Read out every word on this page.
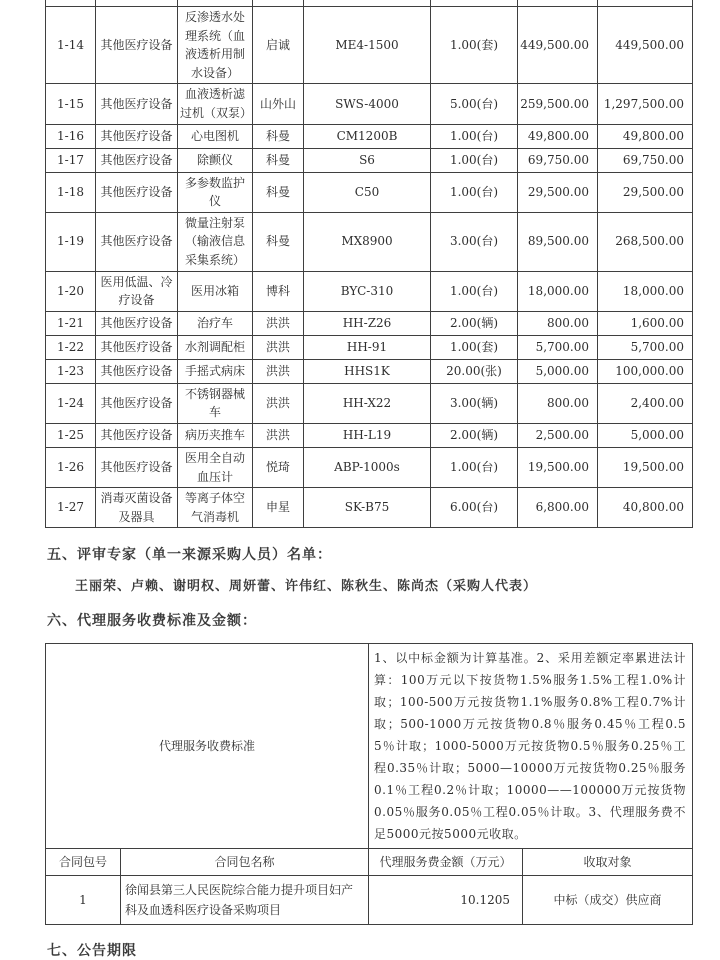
1-14	其他医疗设备	反渗透水处理系统（血液透析用制水设备）	启诚	ME4-1500	1.00(套)	449,500.00	449,500.00
1-15	其他医疗设备	血液透析滤过机（双泵）	山外山	SWS-4000	5.00(台)	259,500.00	1,297,500.00
1-16	其他医疗设备	心电图机	科曼	CM1200B	1.00(台)	49,800.00	49,800.00
1-17	其他医疗设备	除颤仪	科曼	S6	1.00(台)	69,750.00	69,750.00
1-18	其他医疗设备	多参数监护仪	科曼	C50	1.00(台)	29,500.00	29,500.00
1-19	其他医疗设备	微量注射泵（输液信息采集系统）	科曼	MX8900	3.00(台)	89,500.00	268,500.00
1-20	医用低温、冷疗设备	医用冰箱	博科	BYC-310	1.00(台)	18,000.00	18,000.00
1-21	其他医疗设备	治疗车	洪洪	HH-Z26	2.00(辆)	800.00	1,600.00
1-22	其他医疗设备	水剂调配柜	洪洪	HH-91	1.00(套)	5,700.00	5,700.00
1-23	其他医疗设备	手摇式病床	洪洪	HHS1K	20.00(张)	5,000.00	100,000.00
1-24	其他医疗设备	不锈钢器械车	洪洪	HH-X22	3.00(辆)	800.00	2,400.00
1-25	其他医疗设备	病历夹推车	洪洪	HH-L19	2.00(辆)	2,500.00	5,000.00
1-26	其他医疗设备	医用全自动血压计	悦琦	ABP-1000s	1.00(台)	19,500.00	19,500.00
1-27	消毒灭菌设备及器具	等离子体空气消毒机	申星	SK-B75	6.00(台)	6,800.00	40,800.00
五、评审专家（单一来源采购人员）名单：
王丽荣、卢赖、谢明权、周妍蕾、许伟红、陈秋生、陈尚杰（采购人代表）
六、代理服务收费标准及金额：
代理服务收费标准		1、以中标金额为计算基准。2、采用差额定率累进法计算：100万元以下按货物1.5%服务1.5%工程1.0%计取；100-500万元按货物1.1%服务0.8%工程0.7%计取；500-1000万元按货物0.8％服务0.45％工程0.55％计取；1000-5000万元按货物0.5％服务0.25％工程0.35％计取；5000—10000万元按货物0.25％服务0.1％工程0.2％计取；10000——100000万元按货物0.05％服务0.05％工程0.05％计取。3、代理服务费不足5000元按5000元收取。	
合同包号	合同包名称	代理服务费金额（万元）	收取对象
1	徐闻县第三人民医院综合能力提升项目妇产科及血透科医疗设备采购项目	10.1205	中标（成交）供应商
七、公告期限
